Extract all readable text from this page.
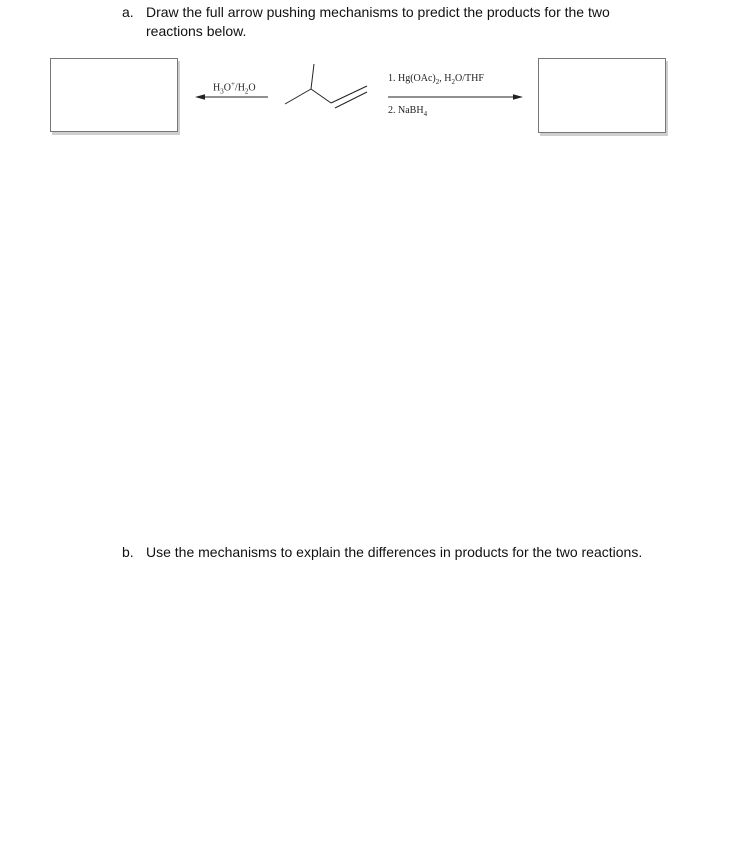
a. Draw the full arrow pushing mechanisms to predict the products for the two
reactions below.
$H_3O^+/H_2O$
1. $Hg(OAc)_2$, $H_2O$/THF
2. NaBH$_4$
b. Use the mechanisms to explain the differences in products for the two reactions.
